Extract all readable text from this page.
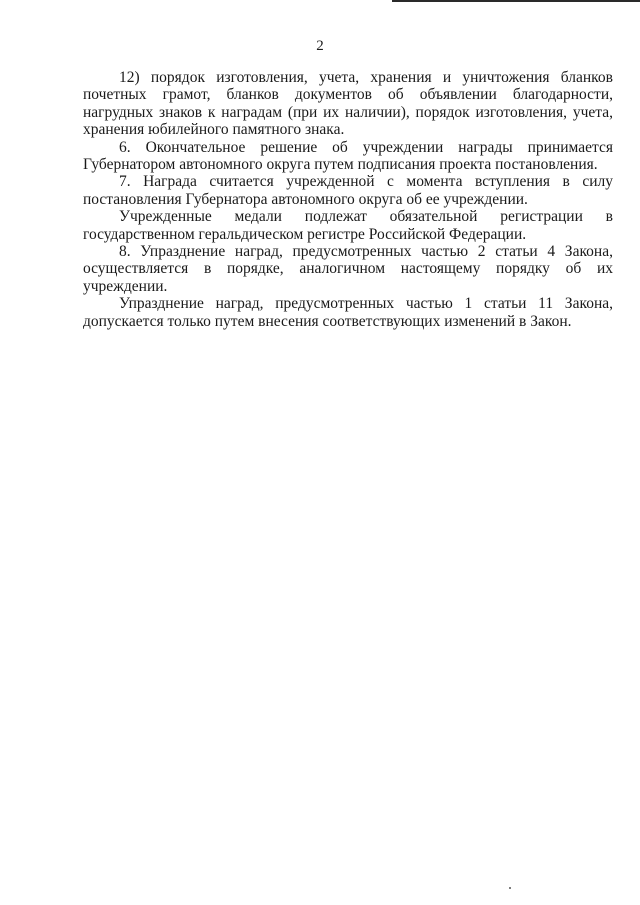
2

12) порядок изготовления, учета, хранения и уничтожения бланков почетных грамот, бланков документов об объявлении благодарности, нагрудных знаков к наградам (при их наличии), порядок изготовления, учета, хранения юбилейного памятного знака.

6. Окончательное решение об учреждении награды принимается Губернатором автономного округа путем подписания проекта постановления.

7. Награда считается учрежденной с момента вступления в силу постановления Губернатора автономного округа об ее учреждении.

Учрежденные медали подлежат обязательной регистрации в государственном геральдическом регистре Российской Федерации.

8. Упразднение наград, предусмотренных частью 2 статьи 4 Закона, осуществляется в порядке, аналогичном настоящему порядку об их учреждении.

Упразднение наград, предусмотренных частью 1 статьи 11 Закона, допускается только путем внесения соответствующих изменений в Закон.
